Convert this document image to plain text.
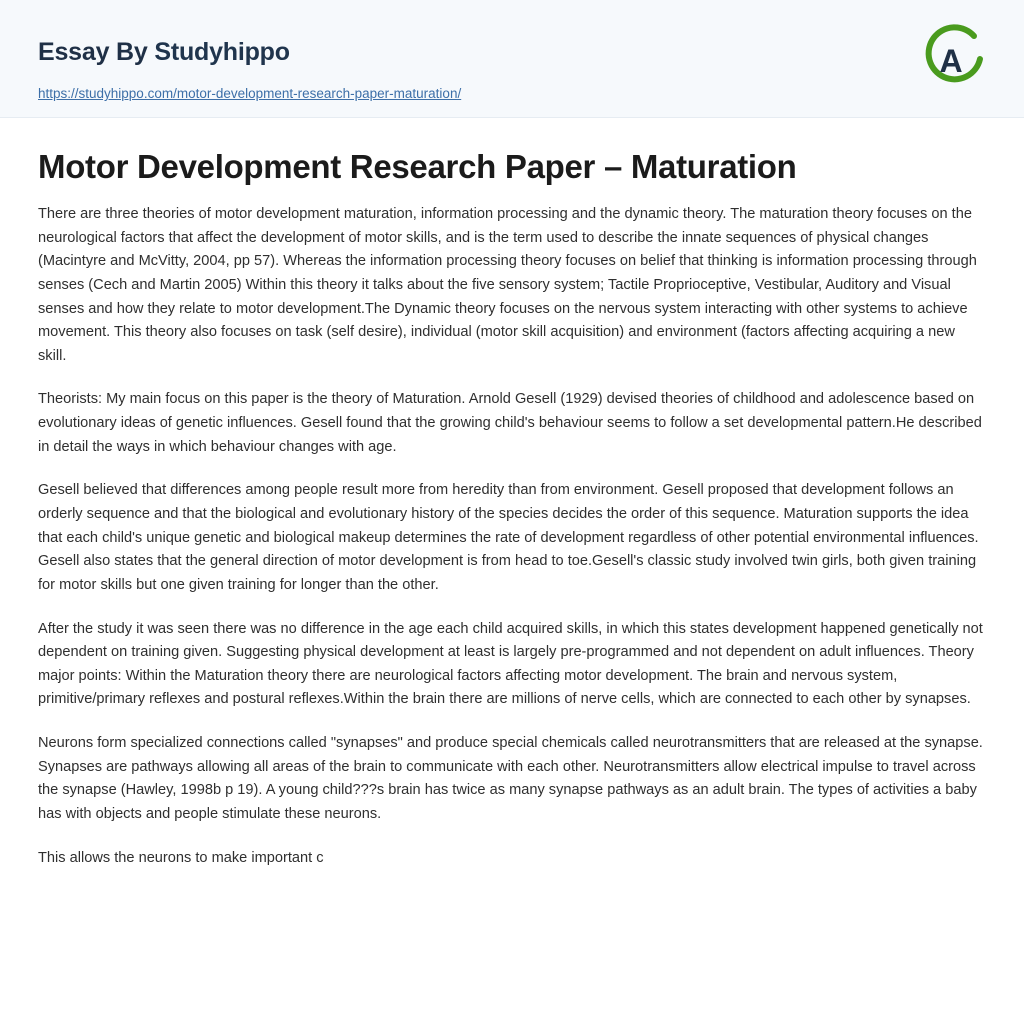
Essay By Studyhippo
https://studyhippo.com/motor-development-research-paper-maturation/
A
Motor Development Research Paper – Maturation

There are three theories of motor development maturation, information processing and the dynamic theory. The maturation theory focuses on the neurological factors that affect the development of motor skills, and is the term used to describe the innate sequences of physical changes (Macintyre and McVitty, 2004, pp 57). Whereas the information processing theory focuses on belief that thinking is information processing through senses (Cech and Martin 2005) Within this theory it talks about the five sensory system; Tactile Proprioceptive, Vestibular, Auditory and Visual senses and how they relate to motor development.The Dynamic theory focuses on the nervous system interacting with other systems to achieve movement. This theory also focuses on task (self desire), individual (motor skill acquisition) and environment (factors affecting acquiring a new skill.

Theorists: My main focus on this paper is the theory of Maturation. Arnold Gesell (1929) devised theories of childhood and adolescence based on evolutionary ideas of genetic influences. Gesell found that the growing child's behaviour seems to follow a set developmental pattern.He described in detail the ways in which behaviour changes with age.

Gesell believed that differences among people result more from heredity than from environment. Gesell proposed that development follows an orderly sequence and that the biological and evolutionary history of the species decides the order of this sequence. Maturation supports the idea that each child's unique genetic and biological makeup determines the rate of development regardless of other potential environmental influences. Gesell also states that the general direction of motor development is from head to toe.Gesell's classic study involved twin girls, both given training for motor skills but one given training for longer than the other.

After the study it was seen there was no difference in the age each child acquired skills, in which this states development happened genetically not dependent on training given. Suggesting physical development at least is largely pre-programmed and not dependent on adult influences. Theory major points: Within the Maturation theory there are neurological factors affecting motor development. The brain and nervous system, primitive/primary reflexes and postural reflexes.Within the brain there are millions of nerve cells, which are connected to each other by synapses.

Neurons form specialized connections called "synapses" and produce special chemicals called neurotransmitters that are released at the synapse. Synapses are pathways allowing all areas of the brain to communicate with each other. Neurotransmitters allow electrical impulse to travel across the synapse (Hawley, 1998b p 19). A young child???s brain has twice as many synapse pathways as an adult brain. The types of activities a baby has with objects and people stimulate these neurons.

This allows the neurons to make important c
